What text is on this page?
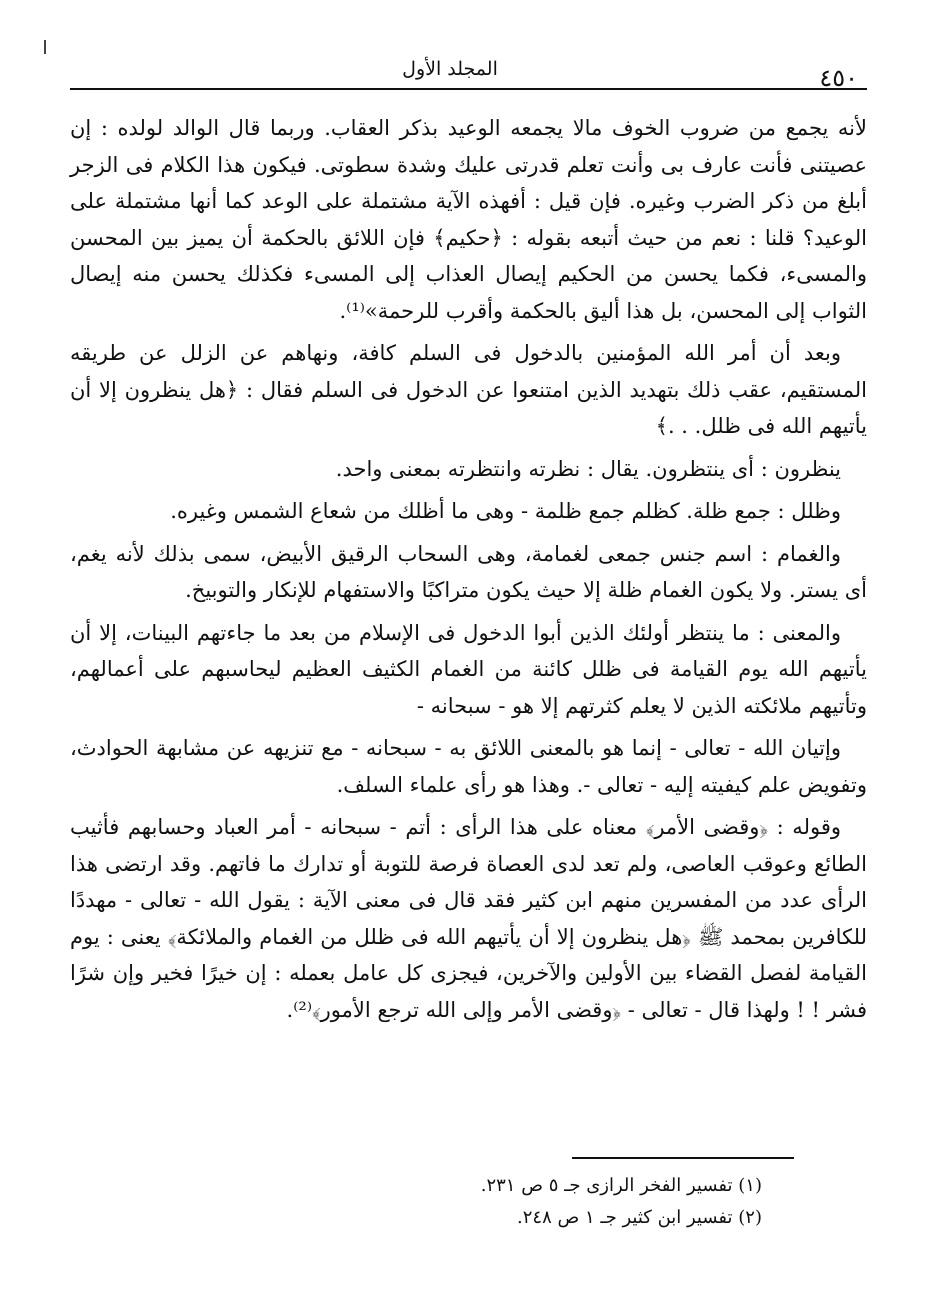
المجلد الأول	٤٥٠

لأنه يجمع من ضروب الخوف مالا يجمعه الوعيد بذكر العقاب. وربما قال الوالد لولده : إن عصيتنى فأنت عارف بى وأنت تعلم قدرتى عليك وشدة سطوتى. فيكون هذا الكلام فى الزجر أبلغ من ذكر الضرب وغيره. فإن قيل : أفهذه الآية مشتملة على الوعد كما أنها مشتملة على الوعيد؟ قلنا : نعم من حيث أتبعه بقوله : ﴿حكيم﴾ فإن اللائق بالحكمة أن يميز بين المحسن والمسىء، فكما يحسن من الحكيم إيصال العذاب إلى المسىء فكذلك يحسن منه إيصال الثواب إلى المحسن، بل هذا أليق بالحكمة وأقرب للرحمة»⁽¹⁾.

وبعد أن أمر الله المؤمنين بالدخول فى السلم كافة، ونهاهم عن الزلل عن طريقه المستقيم، عقب ذلك بتهديد الذين امتنعوا عن الدخول فى السلم فقال : ﴿هل ينظرون إلا أن يأتيهم الله فى ظلل. . .﴾

ينظرون : أى ينتظرون. يقال : نظرته وانتظرته بمعنى واحد.

وظلل : جمع ظلة. كظلم جمع ظلمة - وهى ما أظلك من شعاع الشمس وغيره.

والغمام : اسم جنس جمعى لغمامة، وهى السحاب الرقيق الأبيض، سمى بذلك لأنه يغم، أى يستر. ولا يكون الغمام ظلة إلا حيث يكون متراكبًا والاستفهام للإنكار والتوبيخ.

والمعنى : ما ينتظر أولئك الذين أبوا الدخول فى الإسلام من بعد ما جاءتهم البينات، إلا أن يأتيهم الله يوم القيامة فى ظلل كائنة من الغمام الكثيف العظيم ليحاسبهم على أعمالهم، وتأتيهم ملائكته الذين لا يعلم كثرتهم إلا هو - سبحانه -

وإتيان الله - تعالى - إنما هو بالمعنى اللائق به - سبحانه - مع تنزيهه عن مشابهة الحوادث، وتفويض علم كيفيته إليه - تعالى -. وهذا هو رأى علماء السلف.

وقوله : ﴿وقضى الأمر﴾ معناه على هذا الرأى : أتم - سبحانه - أمر العباد وحسابهم فأثيب الطائع وعوقب العاصى، ولم تعد لدى العصاة فرصة للتوبة أو تدارك ما فاتهم. وقد ارتضى هذا الرأى عدد من المفسرين منهم ابن كثير فقد قال فى معنى الآية : يقول الله - تعالى - مهددًا للكافرين بمحمد ﷺ ﴿هل ينظرون إلا أن يأتيهم الله فى ظلل من الغمام والملائكة﴾ يعنى : يوم القيامة لفصل القضاء بين الأولين والآخرين، فيجزى كل عامل بعمله : إن خيرًا فخير وإن شرًا فشر ! ! ولهذا قال - تعالى - ﴿وقضى الأمر وإلى الله ترجع الأمور﴾⁽²⁾.

(١) تفسير الفخر الرازى جـ ٥ ص ٢٣١.

(٢) تفسير ابن كثير جـ ١ ص ٢٤٨.
